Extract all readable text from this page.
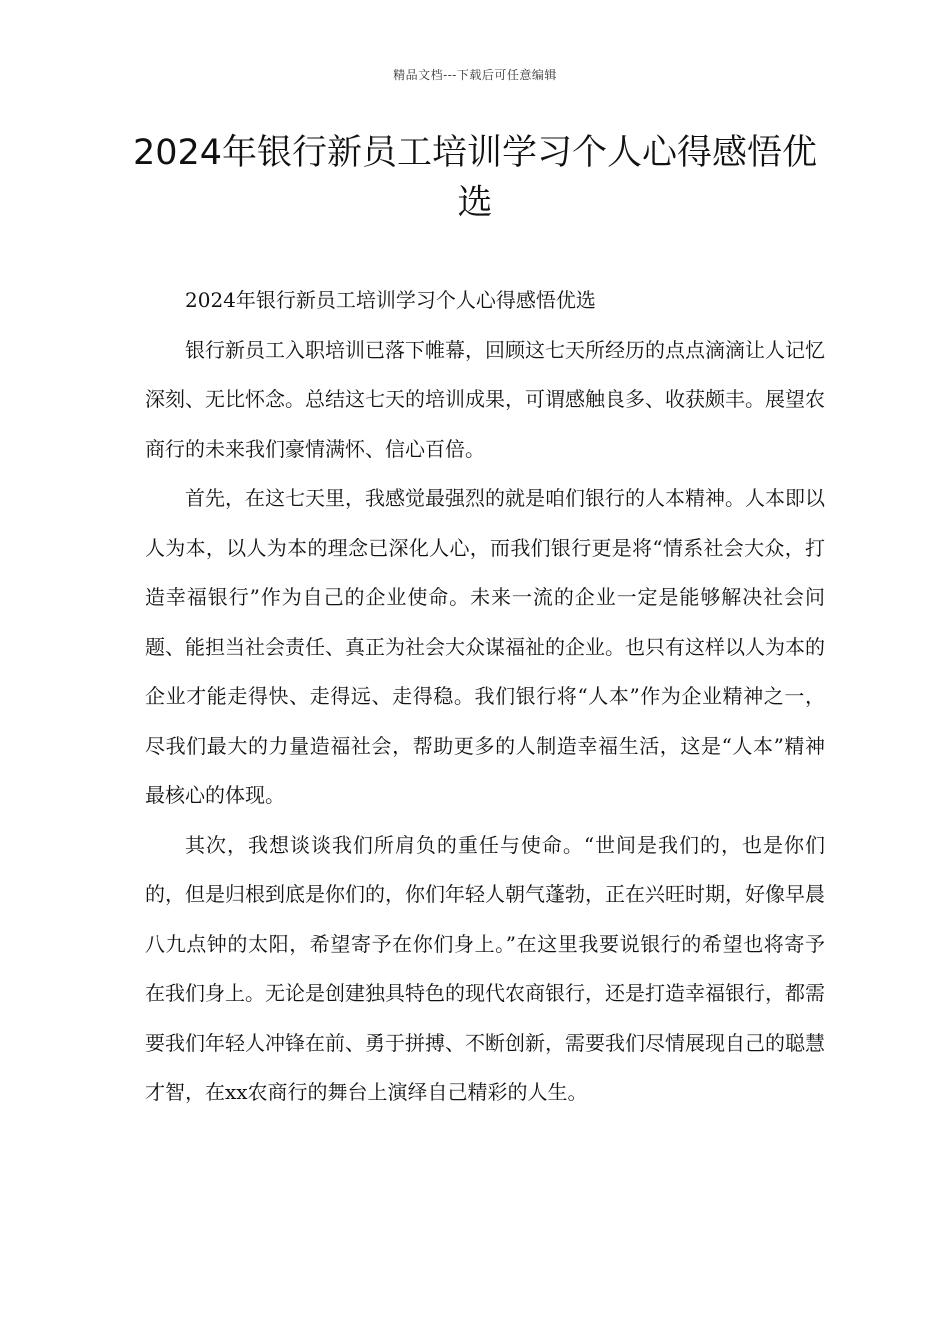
精品文档---下载后可任意编辑
2024年银行新员工培训学习个人心得感悟优选

2024年银行新员工培训学习个人心得感悟优选

银行新员工入职培训已落下帷幕，回顾这七天所经历的点点滴滴让人记忆深刻、无比怀念。总结这七天的培训成果，可谓感触良多、收获颇丰。展望农商行的未来我们豪情满怀、信心百倍。

首先，在这七天里，我感觉最强烈的就是咱们银行的人本精神。人本即以人为本，以人为本的理念已深化人心，而我们银行更是将“情系社会大众，打造幸福银行”作为自己的企业使命。未来一流的企业一定是能够解决社会问题、能担当社会责任、真正为社会大众谋福祉的企业。也只有这样以人为本的企业才能走得快、走得远、走得稳。我们银行将“人本”作为企业精神之一，尽我们最大的力量造福社会，帮助更多的人制造幸福生活，这是“人本”精神最核心的体现。

其次，我想谈谈我们所肩负的重任与使命。“世间是我们的，也是你们的，但是归根到底是你们的，你们年轻人朝气蓬勃，正在兴旺时期，好像早晨八九点钟的太阳，希望寄予在你们身上。”在这里我要说银行的希望也将寄予在我们身上。无论是创建独具特色的现代农商银行，还是打造幸福银行，都需要我们年轻人冲锋在前、勇于拼搏、不断创新，需要我们尽情展现自己的聪慧才智，在xx农商行的舞台上演绎自己精彩的人生。
